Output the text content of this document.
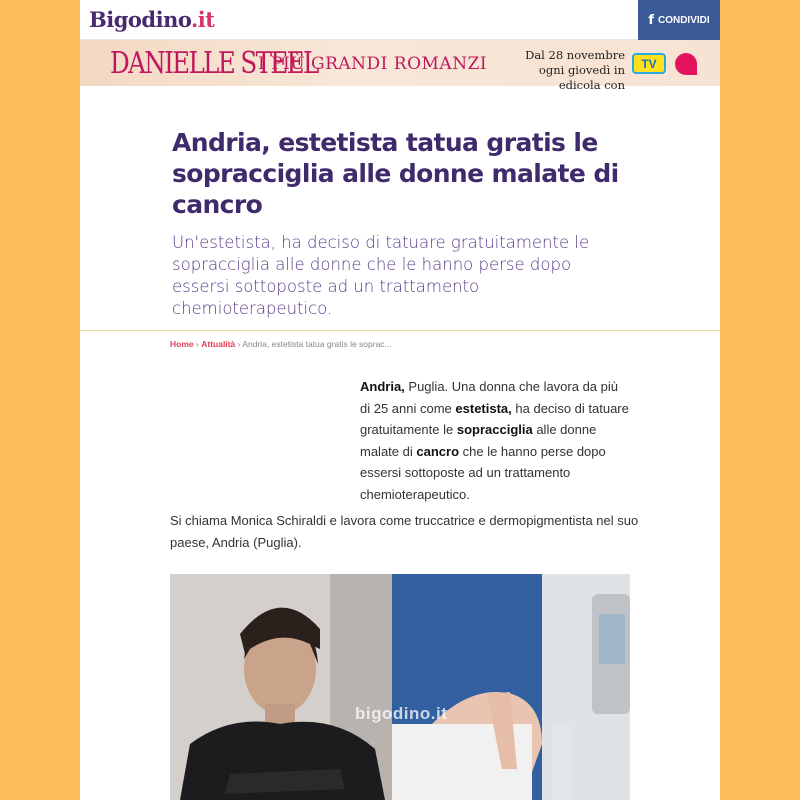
Bigodino.it	f CONDIVIDI
DANIELLE STEEL
I PIÙ GRANDI ROMANZI	Dal 28 novembre ogni giovedì in edicola con
TV
Andria, estetista tatua gratis le sopracciglia alle donne malate di cancro

Un'estetista, ha deciso di tatuare gratuitamente le sopracciglia alle donne che le hanno perse dopo essersi sottoposte ad un trattamento chemioterapeutico.

Home › Attualità › Andria, estetista tatua gratis le soprac...

Andria, Puglia. Una donna che lavora da più di 25 anni come estetista, ha deciso di tatuare gratuitamente le sopracciglia alle donne malate di cancro che le hanno perse dopo essersi sottoposte ad un trattamento chemioterapeutico.

Si chiama Monica Schiraldi e lavora come truccatrice e dermopigmentista nel suo paese, Andria (Puglia).

bigodino.it
